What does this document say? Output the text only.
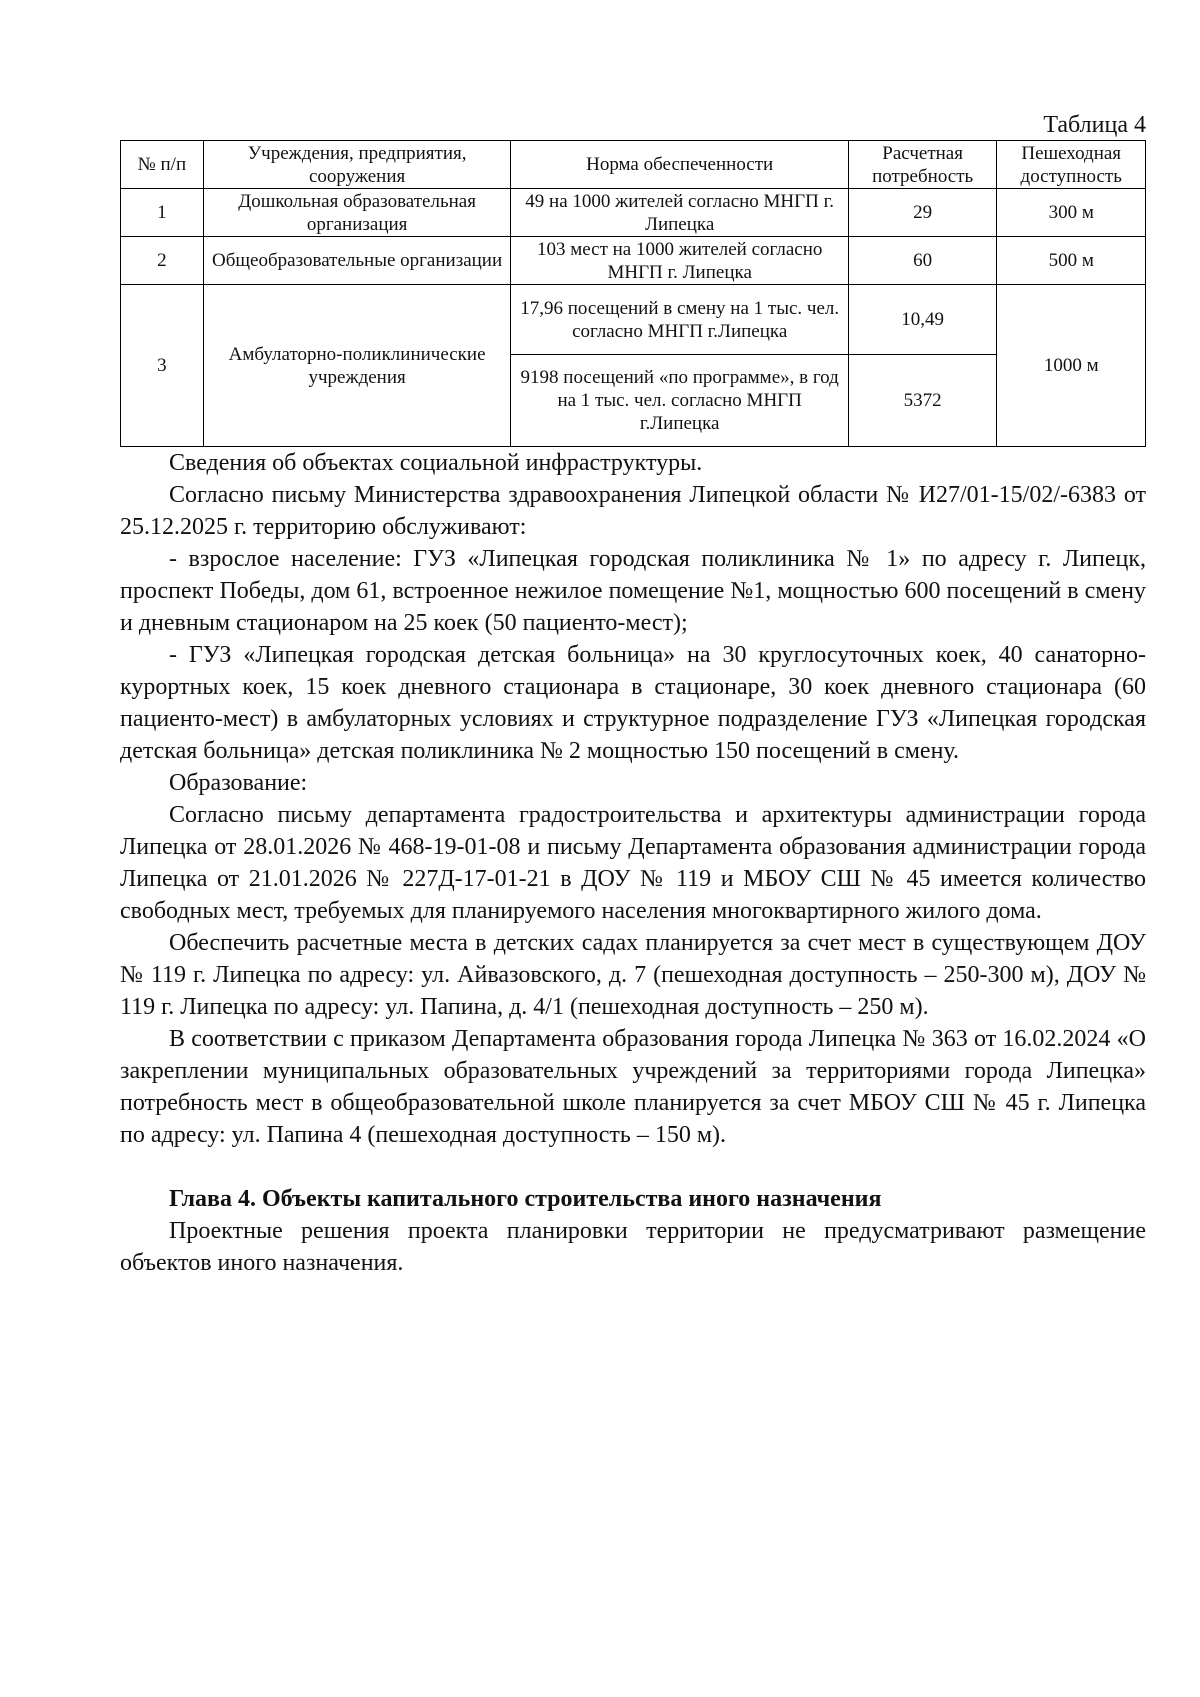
Таблица 4
№ п/п	Учреждения, предприятия, сооружения	Норма обеспеченности	Расчетная потребность	Пешеходная доступность
1	Дошкольная образовательная организация	49 на 1000 жителей согласно МНГП г. Липецка	29	300 м
2	Общеобразовательные организации	103 мест на 1000 жителей согласно МНГП г. Липецка	60	500 м
3	Амбулаторно-поликлинические учреждения	17,96 посещений в смену на 1 тыс. чел. согласно МНГП г.Липецка	10,49	1000 м
		9198 посещений «по программе», в год на 1 тыс. чел. согласно МНГП г.Липецка	5372	

Сведения об объектах социальной инфраструктуры.

Согласно письму Министерства здравоохранения Липецкой области № И27/01-15/02/-6383 от 25.12.2025 г. территорию обслуживают:

- взрослое население: ГУЗ «Липецкая городская поликлиника № 1» по адресу г. Липецк, проспект Победы, дом 61, встроенное нежилое помещение №1, мощностью 600 посещений в смену и дневным стационаром на 25 коек (50 пациенто-мест);

- ГУЗ «Липецкая городская детская больница» на 30 круглосуточных коек, 40 санаторно-курортных коек, 15 коек дневного стационара в стационаре, 30 коек дневного стационара (60 пациенто-мест) в амбулаторных условиях и структурное подразделение ГУЗ «Липецкая городская детская больница» детская поликлиника № 2 мощностью 150 посещений в смену.

Образование:

Согласно письму департамента градостроительства и архитектуры администрации города Липецка от 28.01.2026 № 468-19-01-08 и письму Департамента образования администрации города Липецка от 21.01.2026 № 227Д-17-01-21 в ДОУ № 119 и МБОУ СШ № 45 имеется количество свободных мест, требуемых для планируемого населения многоквартирного жилого дома.

Обеспечить расчетные места в детских садах планируется за счет мест в существующем ДОУ № 119 г. Липецка по адресу: ул. Айвазовского, д. 7 (пешеходная доступность – 250-300 м), ДОУ № 119 г. Липецка по адресу: ул. Папина, д. 4/1 (пешеходная доступность – 250 м).

В соответствии с приказом Департамента образования города Липецка № 363 от 16.02.2024 «О закреплении муниципальных образовательных учреждений за территориями города Липецка» потребность мест в общеобразовательной школе планируется за счет МБОУ СШ № 45 г. Липецка по адресу: ул. Папина 4 (пешеходная доступность – 150 м).

Глава 4. Объекты капитального строительства иного назначения

Проектные решения проекта планировки территории не предусматривают размещение объектов иного назначения.
